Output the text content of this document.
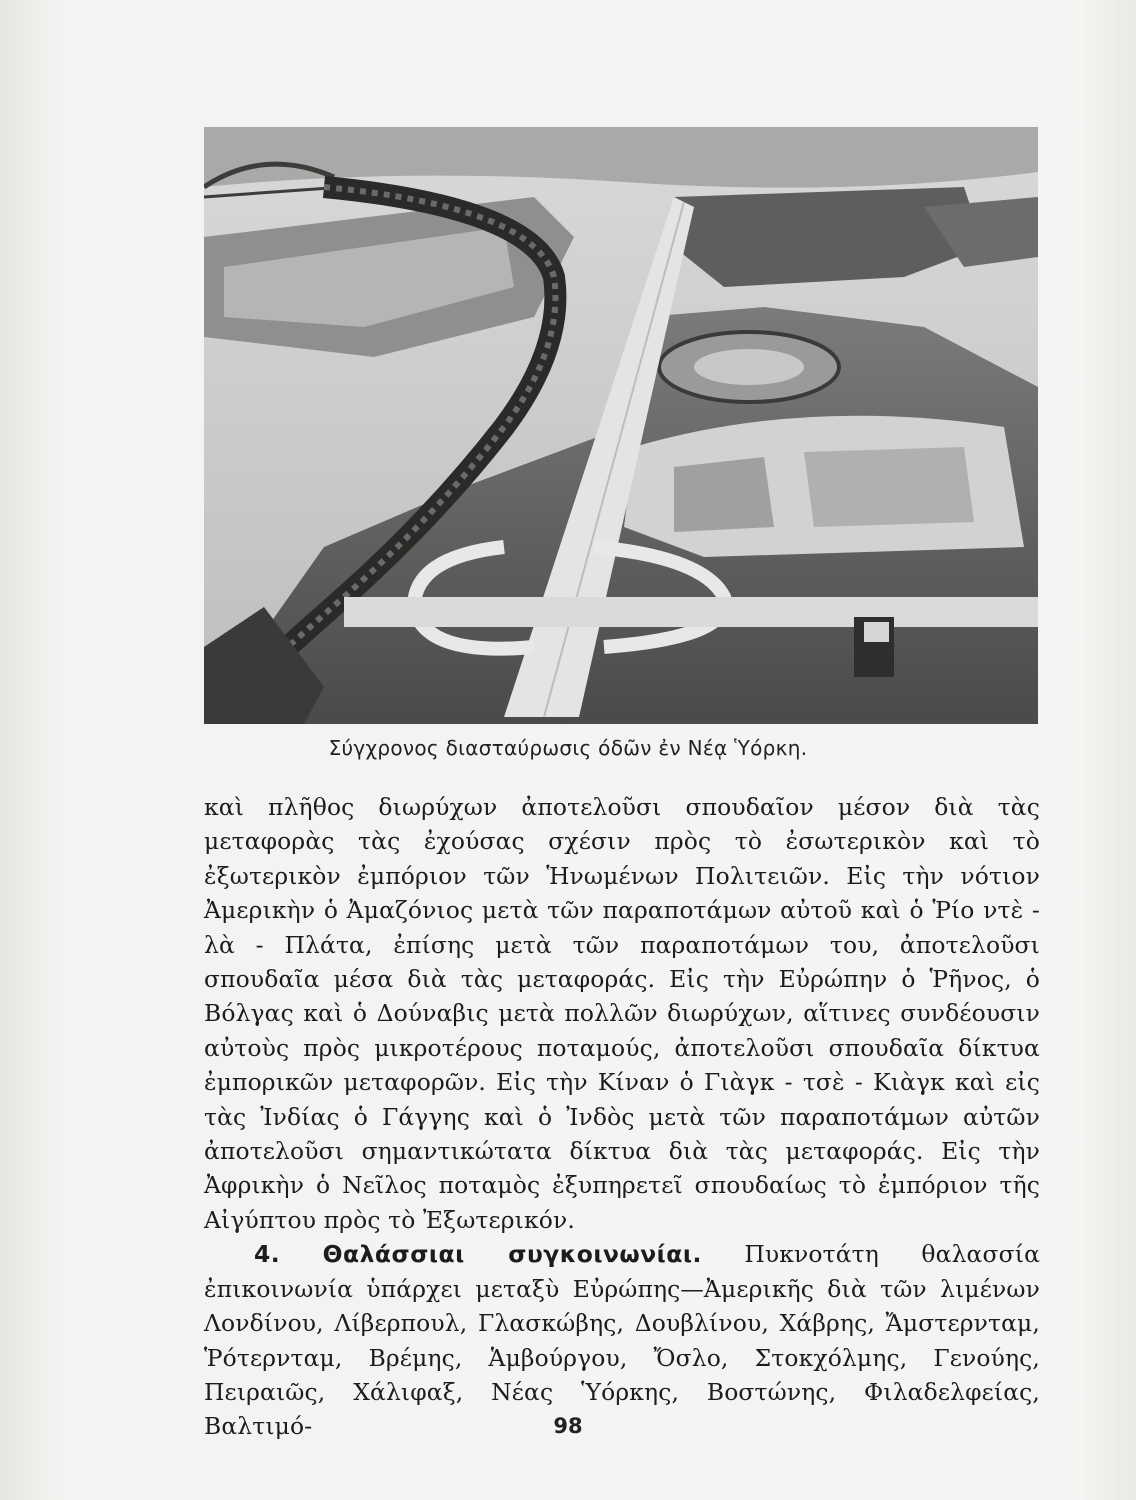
Σύγχρονος διασταύρωσις όδῶν ἐν Νέᾳ Ὑόρκη.

καὶ πλῆθος διωρύχων ἀποτελοῦσι σπουδαῖον μέσον διὰ τὰς μεταφορὰς τὰς ἐχούσας σχέσιν πρὸς τὸ ἐσωτερικὸν καὶ τὸ ἐξωτερικὸν ἐμπόριον τῶν Ἡνωμένων Πολιτειῶν. Εἰς τὴν νότιον Ἀμερικὴν ὁ Ἀμαζόνιος μετὰ τῶν παραποτάμων αὐτοῦ καὶ ὁ Ῥίο ντὲ - λὰ - Πλάτα, ἐπίσης μετὰ τῶν παραποτάμων του, ἀποτελοῦσι σπουδαῖα μέσα διὰ τὰς μεταφοράς. Εἰς τὴν Εὐρώπην ὁ Ῥῆνος, ὁ Βόλγας καὶ ὁ Δούναβις μετὰ πολλῶν διωρύχων, αἵτινες συνδέουσιν αὐτοὺς πρὸς μικροτέρους ποταμούς, ἀποτελοῦσι σπουδαῖα δίκτυα ἐμπορικῶν μεταφορῶν. Εἰς τὴν Κίναν ὁ Γιὰγκ - τσὲ - Κιὰγκ καὶ εἰς τὰς Ἰνδίας ὁ Γάγγης καὶ ὁ Ἰνδὸς μετὰ τῶν παραποτάμων αὐτῶν ἀποτελοῦσι σημαντικώτατα δίκτυα διὰ τὰς μεταφοράς. Εἰς τὴν Ἀφρικὴν ὁ Νεῖλος ποταμὸς ἐξυπηρετεῖ σπουδαίως τὸ ἐμπόριον τῆς Αἰγύπτου πρὸς τὸ Ἐξωτερικόν.

4. Θαλάσσιαι συγκοινωνίαι. Πυκνοτάτη θαλασσία ἐπικοινωνία ὑπάρχει μεταξὺ Εὐρώπης—Ἀμερικῆς διὰ τῶν λιμένων Λονδίνου, Λίβερπουλ, Γλασκώβης, Δουβλίνου, Χάβρης, Ἄμστερνταμ, Ῥότερνταμ, Βρέμης, Ἁμβούργου, Ὄσλο, Στοκχόλμης, Γενούης, Πειραιῶς, Χάλιφαξ, Νέας Ὑόρκης, Βοστώνης, Φιλαδελφείας, Βαλτιμό-	98
